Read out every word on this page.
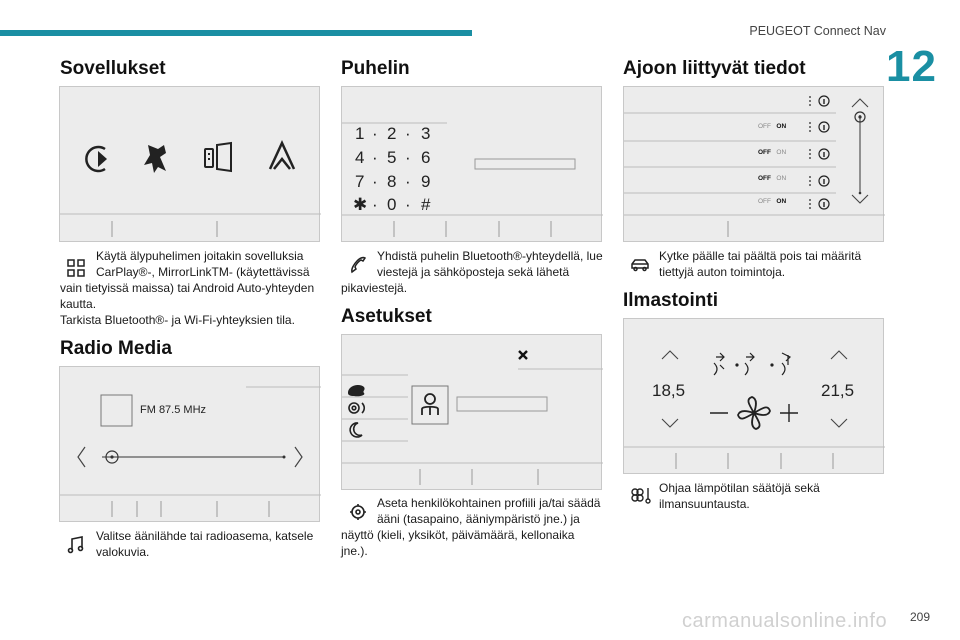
PEUGEOT Connect Nav
12
Sovellukset
Käytä älypuhelimen joitakin sovelluksia
CarPlay®-, MirrorLinkTM- (käytettävissä
vain tietyissä maissa) tai Android Auto-yhteyden
kautta.
Tarkista Bluetooth®- ja Wi-Fi-yhteyksien tila.
Radio Media
FM 87.5 MHz
Valitse äänilähde tai radioasema, katsele
valokuvia.
Puhelin
1 · 2 · 3
4 · 5 · 6
7 · 8 · 9
✱ · 0 · #
Yhdistä puhelin Bluetooth®-yhteydellä, lue
viestejä ja sähköposteja sekä lähetä
pikaviestejä.
Asetukset
Aseta henkilökohtainen profiili ja/tai säädä
ääni (tasapaino, ääniympäristö jne.) ja
näyttö (kieli, yksiköt, päivämäärä, kellonaika
jne.).
Ajoon liittyvät tiedot
OFF ON
OFF ON
OFF ON
OFF ON
Kytke päälle tai päältä pois tai määritä
tiettyjä auton toimintoja.
Ilmastointi
18,5	21,5
Ohjaa lämpötilan säätöjä sekä
ilmansuuntausta.
carmanualsonline.info 209
